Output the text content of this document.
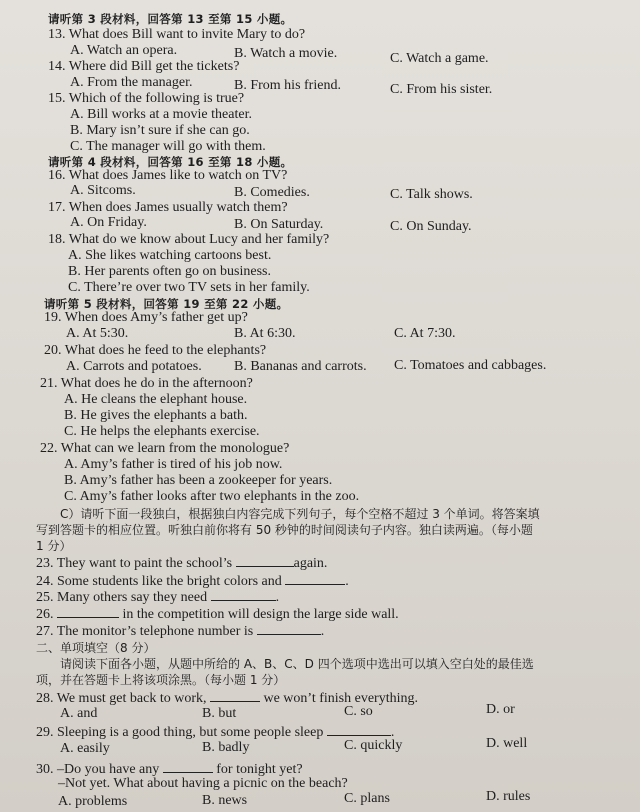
请听第 3 段材料，回答第 13 至第 15 小题。
13. What does Bill want to invite Mary to do?
A. Watch an opera.	B. Watch a movie.	C. Watch a game.
14. Where did Bill get the tickets?
A. From the manager.	B. From his friend.	C. From his sister.
15. Which of the following is true?
A. Bill works at a movie theater.
B. Mary isn’t sure if she can go.
C. The manager will go with them.
请听第 4 段材料，回答第 16 至第 18 小题。
16. What does James like to watch on TV?
A. Sitcoms.	B. Comedies.	C. Talk shows.
17. When does James usually watch them?
A. On Friday.	B. On Saturday.	C. On Sunday.
18. What do we know about Lucy and her family?
A. She likes watching cartoons best.
B. Her parents often go on business.
C. There’re over two TV sets in her family.
请听第 5 段材料，回答第 19 至第 22 小题。
19. When does Amy’s father get up?
A. At 5:30.	B. At 6:30.	C. At 7:30.
20. What does he feed to the elephants?
A. Carrots and potatoes. B. Bananas and carrots. C. Tomatoes and cabbages.
21. What does he do in the afternoon?
A. He cleans the elephant house.
B. He gives the elephants a bath.
C. He helps the elephants exercise.
22. What can we learn from the monologue?
A. Amy’s father is tired of his job now.
B. Amy’s father has been a zookeeper for years.
C. Amy’s father looks after two elephants in the zoo.
C）请听下面一段独白，根据独白内容完成下列句子，每个空格不超过 3 个单词。将答案填
写到答题卡的相应位置。听独白前你将有 50 秒钟的时间阅读句子内容。独白读两遍。（每小题
1 分）
23. They want to paint the school’s	again.
24. Some students like the bright colors and	.
25. Many others say they need	.
26.	in the competition will design the large side wall.
27. The monitor’s telephone number is	.
二、单项填空（8 分）
请阅读下面各小题，从题中所给的 A、B、C、D 四个选项中选出可以填入空白处的最佳选
项，并在答题卡上将该项涂黑。（每小题 1 分）
28. We must get back to work,	we won’t finish everything.
A. and	B. but	C. so	D. or
29. Sleeping is a good thing, but some people sleep	.
A. easily	B. badly	C. quickly	D. well
30. –Do you have any	for tonight yet?
–Not yet. What about having a picnic on the beach?
A. problems	B. news	C. plans	D. rules
